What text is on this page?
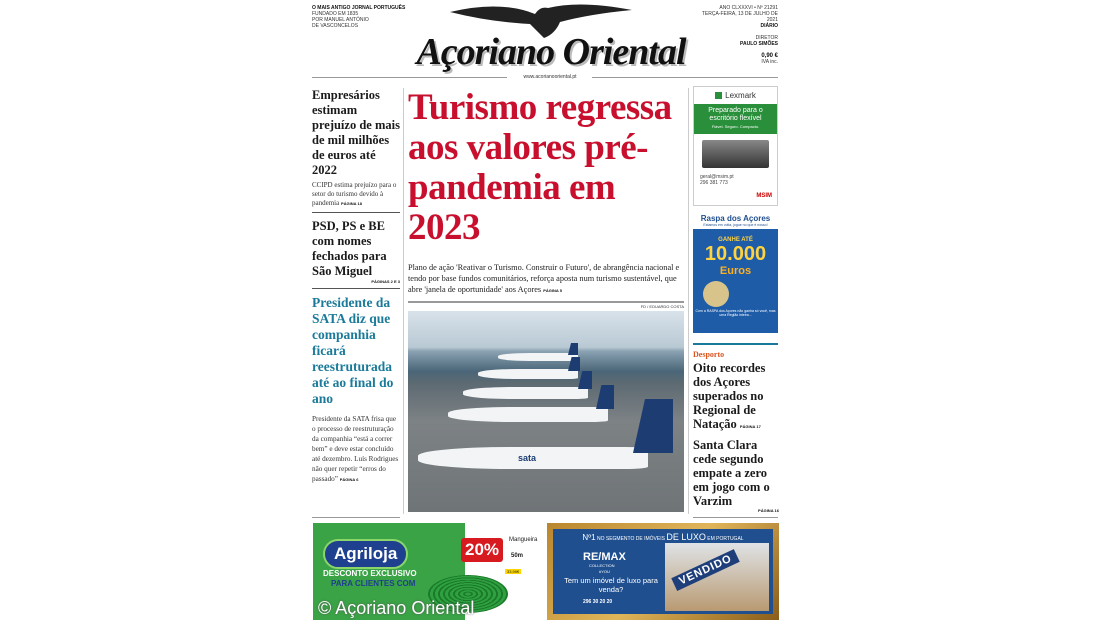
O MAIS ANTIGO JORNAL PORTUGUÊS
FUNDADO EM 1835
POR MANUEL ANTÓNIO
DE VASCONCELOS
Açoriano Oriental
ANO CLXXXVI • Nº 21291
TERÇA-FEIRA, 13 DE JULHO DE 2021
DIÁRIO
DIRETOR
PAULO SIMÕES
0,90 €
IVA inc.
www.acorianooriental.pt
Empresários estimam prejuízo de mais de mil milhões de euros até 2022
CCIPD estima prejuízo para o setor do turismo devido à pandemia PÁGINA 18
PSD, PS e BE com nomes fechados para São Miguel
PÁGINAS 2 E 3
Presidente da SATA diz que companhia ficará reestruturada até ao final do ano
Presidente da SATA frisa que o processo de reestruturação da companhia “está a correr bem” e deve estar concluído até dezembro. Luís Rodrigues não quer repetir “erros do passado” PÁGINA 6
Turismo regressa aos valores pré-pandemia em 2023
Plano de ação 'Reativar o Turismo. Construir o Futuro', de abrangência nacional e tendo por base fundos comunitários, reforça aposta num turismo sustentável, que abre 'janela de oportunidade' aos Açores PÁGINA 5
FD / EDUARDO COSTA
sata
Lexmark
Preparado para o escritório flexível
Fiável. Seguro. Compacto.
geral@msim.pt
296 381 773
MSIM
Raspa dos Açores
Estamos em volta, jogue no que é nosso!
GANHE ATÉ
10.000
Euros
Com a RASPA dos Açores não ganha só você, mas uma Região inteira...
Desporto
Oito recordes dos Açores superados no Regional de Natação PÁGINA 17
Santa Clara cede segundo empate a zero em jogo com o Varzim
PÁGINA 16
Agriloja
DESCONTO EXCLUSIVO
PARA CLIENTES COM
20%	Mangueira
50m
33,99€
Nº1 NO SEGMENTO DE IMÓVEIS DE LUXO EM PORTUGAL
RE/MAX
COLLECTION
#YOU
Tem um imóvel de luxo para venda?
296 30 20 20
VENDIDO
© Açoriano Oriental
